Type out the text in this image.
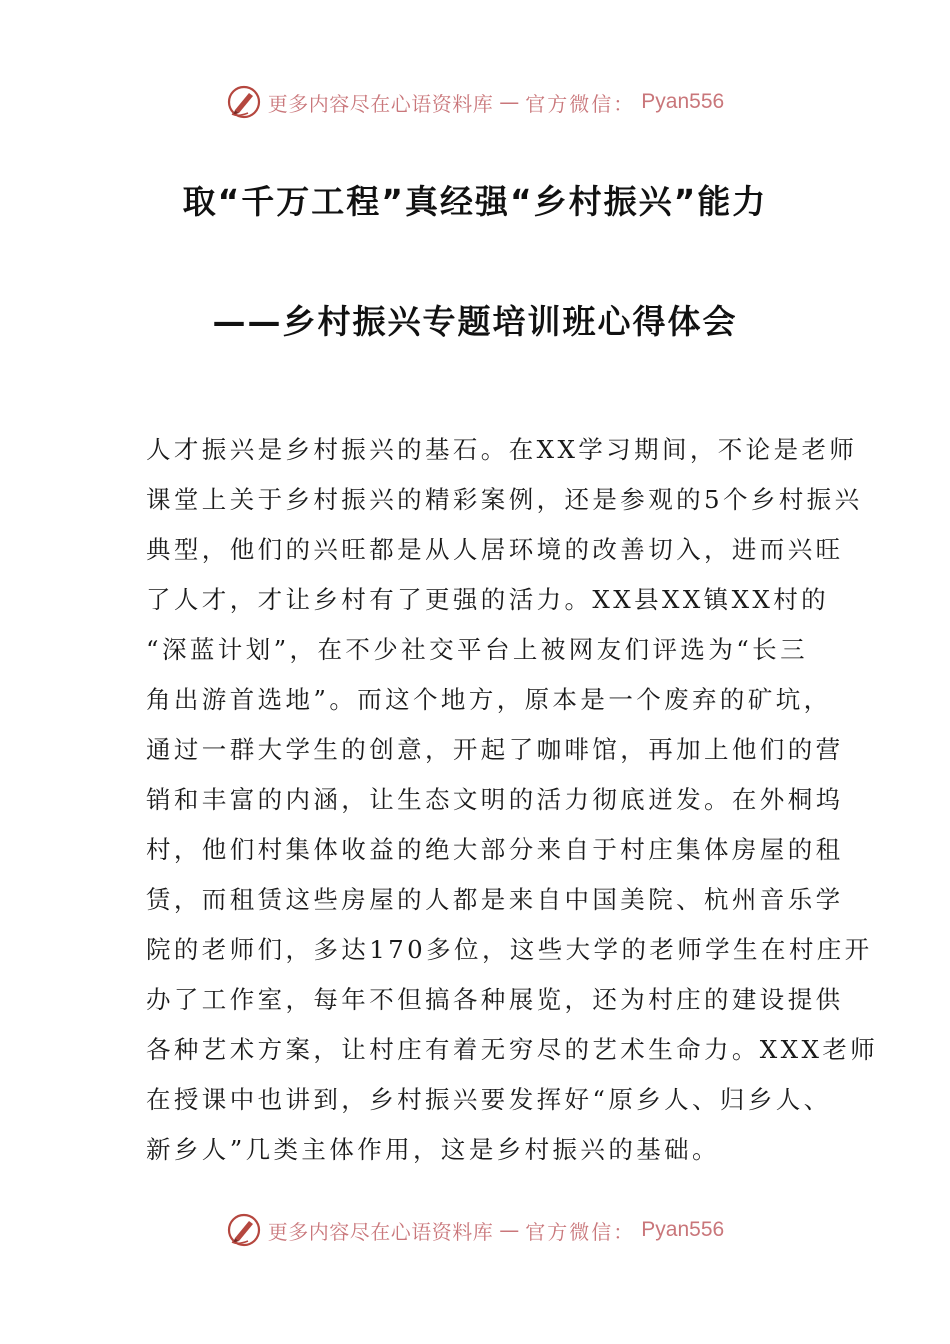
更多内容尽在心语资料库 — 官方微信： Pyan556
取“千万工程”真经强“乡村振兴”能力
——乡村振兴专题培训班心得体会
人才振兴是乡村振兴的基石。在XX学习期间，不论是老师
课堂上关于乡村振兴的精彩案例，还是参观的5个乡村振兴
典型，他们的兴旺都是从人居环境的改善切入，进而兴旺
了人才，才让乡村有了更强的活力。XX县XX镇XX村的
“深蓝计划”，在不少社交平台上被网友们评选为“长三
角出游首选地”。而这个地方，原本是一个废弃的矿坑，
通过一群大学生的创意，开起了咖啡馆，再加上他们的营
销和丰富的内涵，让生态文明的活力彻底迸发。在外桐坞
村，他们村集体收益的绝大部分来自于村庄集体房屋的租
赁，而租赁这些房屋的人都是来自中国美院、杭州音乐学
院的老师们，多达170多位，这些大学的老师学生在村庄开
办了工作室，每年不但搞各种展览，还为村庄的建设提供
各种艺术方案，让村庄有着无穷尽的艺术生命力。XXX老师
在授课中也讲到，乡村振兴要发挥好“原乡人、归乡人、
新乡人”几类主体作用，这是乡村振兴的基础。
更多内容尽在心语资料库 — 官方微信： Pyan556
